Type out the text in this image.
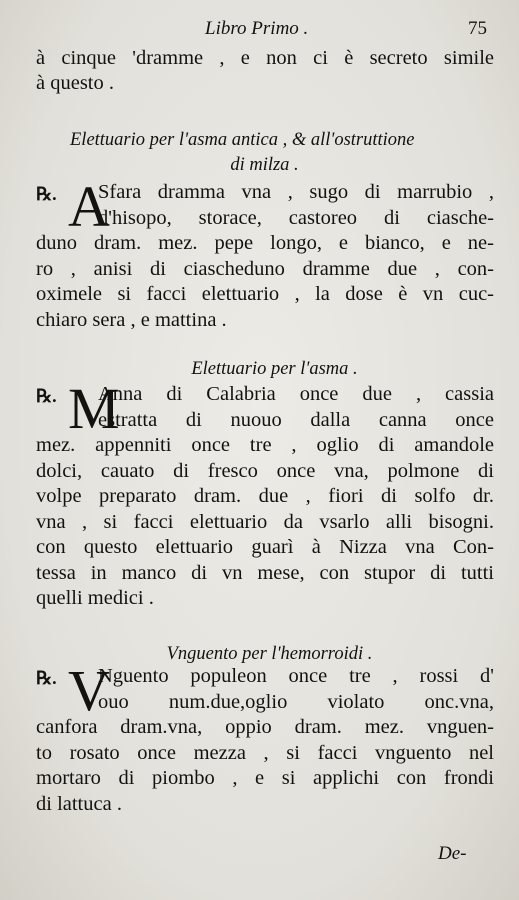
Libro Primo .	75
à cinque 'dramme , e non ci è secreto simile
à questo .
Elettuario per l'asma antica , & all'ostruttione
di milza .
℞. A
Sfara dramma vna , sugo di marrubio ,
d'hisopo, storace, castoreo di ciasche-
duno dram. mez. pepe longo, e bianco, e ne-
ro , anisi di ciascheduno dramme due , con-
oximele si facci elettuario , la dose è vn cuc-
chiaro sera , e mattina .
Elettuario per l'asma .
℞. M
Anna di Calabria once due , cassia
estratta di nuouo dalla canna once
mez. appenniti once tre , oglio di amandole
dolci, cauato di fresco once vna, polmone di
volpe preparato dram. due , fiori di solfo dr.
vna , si facci elettuario da vsarlo alli bisogni.
con questo elettuario guarì à Nizza vna Con-
tessa in manco di vn mese, con stupor di tutti
quelli medici .
Vnguento per l'hemorroidi .
℞. V
Nguento populeon once tre , rossi d'
ouo num.due,oglio violato onc.vna,
canfora dram.vna, oppio dram. mez. vnguen-
to rosato once mezza , si facci vnguento nel
mortaro di piombo , e si applichi con frondi
di lattuca .
De-
